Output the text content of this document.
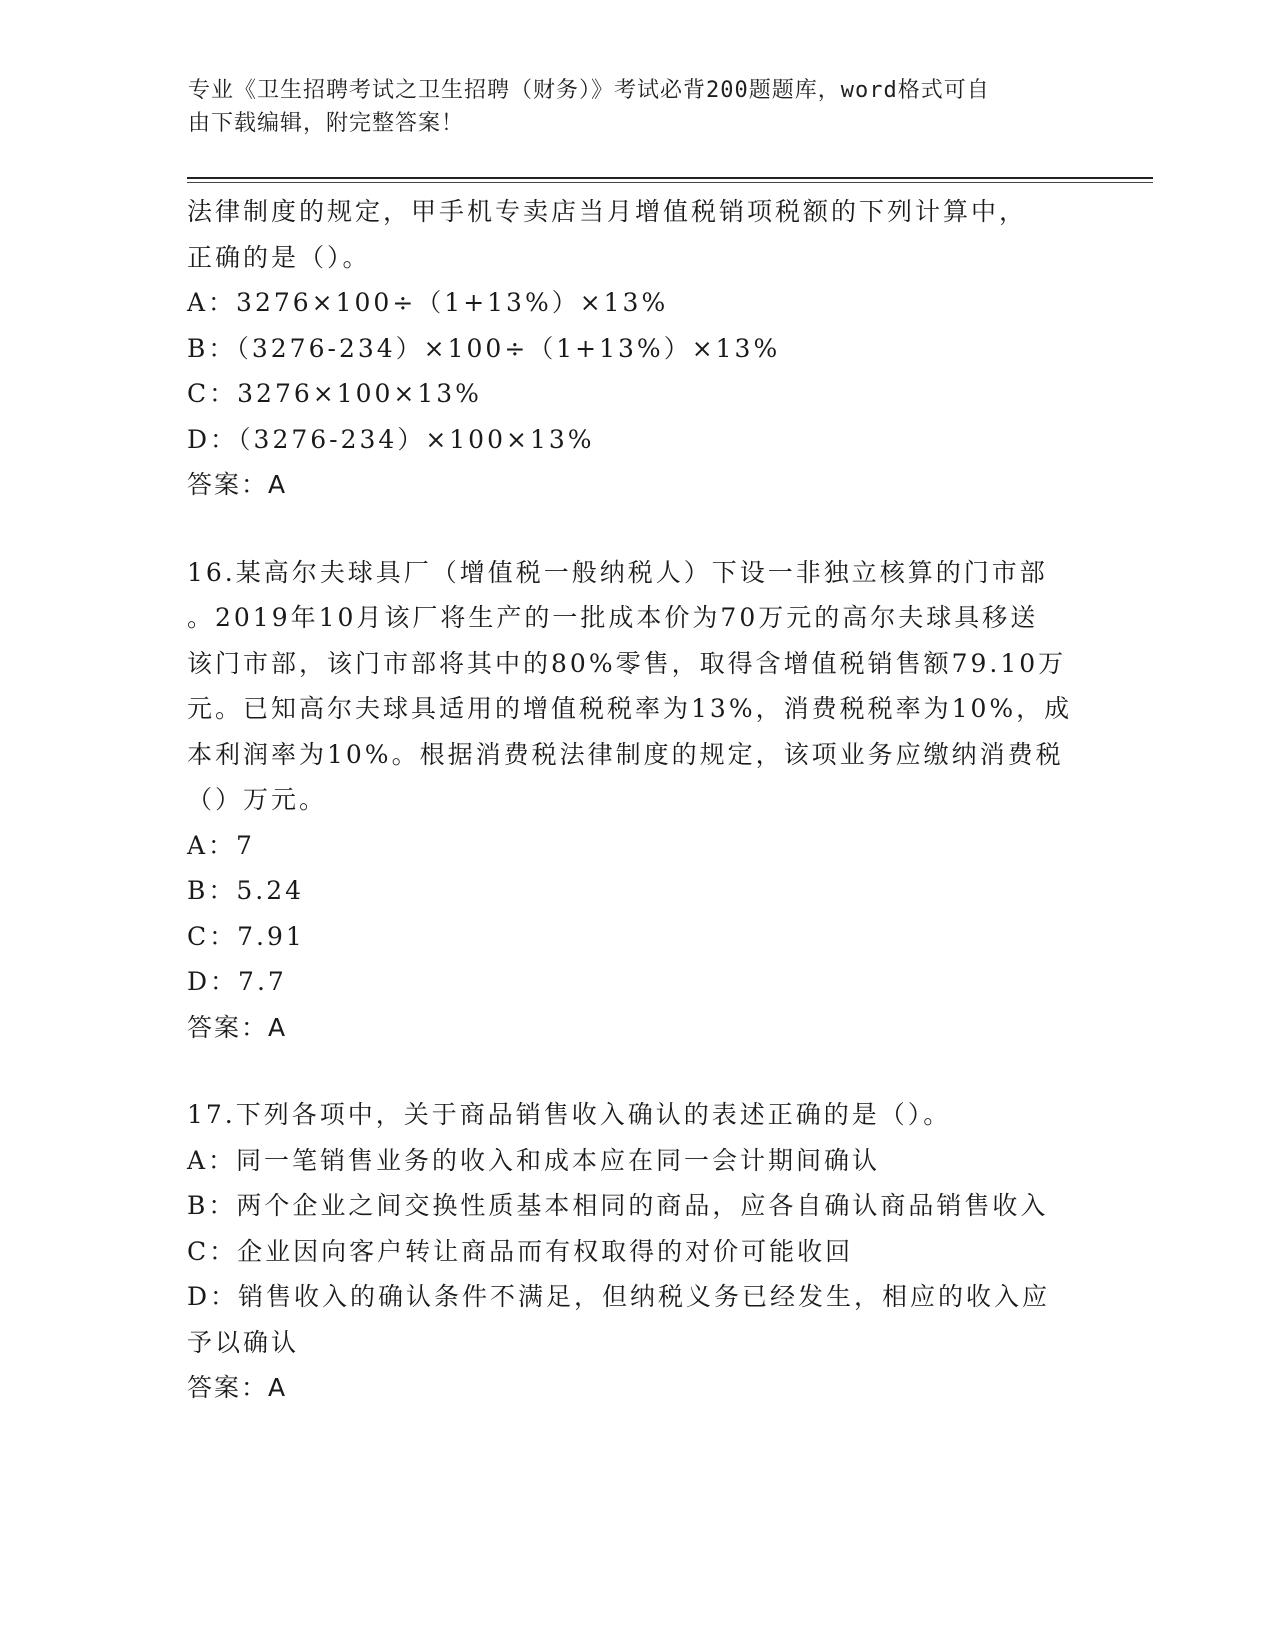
专业《卫生招聘考试之卫生招聘（财务）》考试必背200题题库，word格式可自
由下载编辑，附完整答案！
法律制度的规定，甲手机专卖店当月增值税销项税额的下列计算中，
正确的是（）。
A：3276×100÷（1+13%）×13%
B：（3276-234）×100÷（1+13%）×13%
C：3276×100×13%
D：（3276-234）×100×13%
答案：A
16.某高尔夫球具厂（增值税一般纳税人）下设一非独立核算的门市部
。2019年10月该厂将生产的一批成本价为70万元的高尔夫球具移送
该门市部，该门市部将其中的80%零售，取得含增值税销售额79.10万
元。已知高尔夫球具适用的增值税税率为13%，消费税税率为10%，成
本利润率为10%。根据消费税法律制度的规定，该项业务应缴纳消费税
（）万元。
A：7
B：5.24
C：7.91
D：7.7
答案：A
17.下列各项中，关于商品销售收入确认的表述正确的是（）。
A：同一笔销售业务的收入和成本应在同一会计期间确认
B：两个企业之间交换性质基本相同的商品，应各自确认商品销售收入
C：企业因向客户转让商品而有权取得的对价可能收回
D：销售收入的确认条件不满足，但纳税义务已经发生，相应的收入应
予以确认
答案：A
